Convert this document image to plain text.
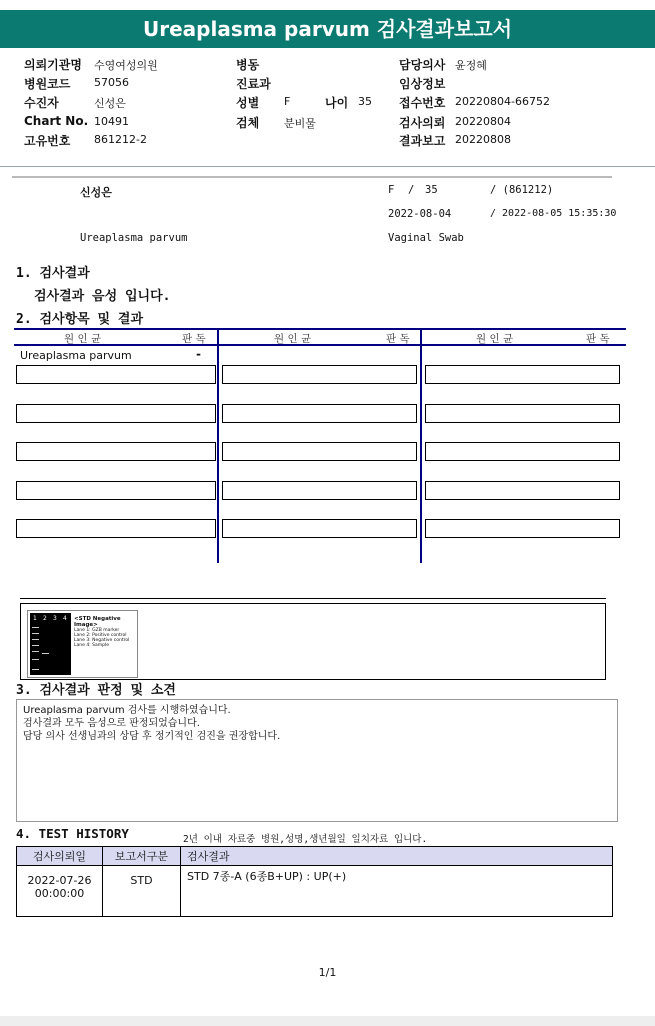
Ureaplasma parvum 검사결과보고서
의뢰기관명 수영여성의원
병원코드 57056
수진자	신성은
Chart No. 10491
고유번호 861212-2
병동
진료과
성별 F	나이 35
검체 분비물
담당의사 윤정혜
임상정보
접수번호 20220804-66752
검사의뢰 20220804
결과보고 20220808
신성은	F / 35	/ (861212)
2022-08-04	/ 2022-08-05 15:35:30
Ureaplasma parvum	Vaginal Swab
1. 검사결과
검사결과 음성 입니다.
2. 검사항목 및 결과
원 인 균	판 독	원 인 균	판 독	원 인 균	판 독
Ureaplasma parvum	-
1 2 3 4 <STD Negative Image>
Lane 1: GZB marker
Lane 2: Positive control
Lane 3: Negative control
Lane 4: Sample
3. 검사결과 판정 및 소견
Ureaplasma parvum 검사를 시행하였습니다.
검사결과 모두 음성으로 판정되었습니다.
담당 의사 선생님과의 상담 후 정기적인 검진을 권장합니다.
4. TEST HISTORY	2년 이내 자료중 병원,성명,생년월일 일치자료 입니다.
검사의뢰일	보고서구분	검사결과

2022-07-26
00:00:00	STD	STD 7종-A (6종B+UP) : UP(+)
1/1
